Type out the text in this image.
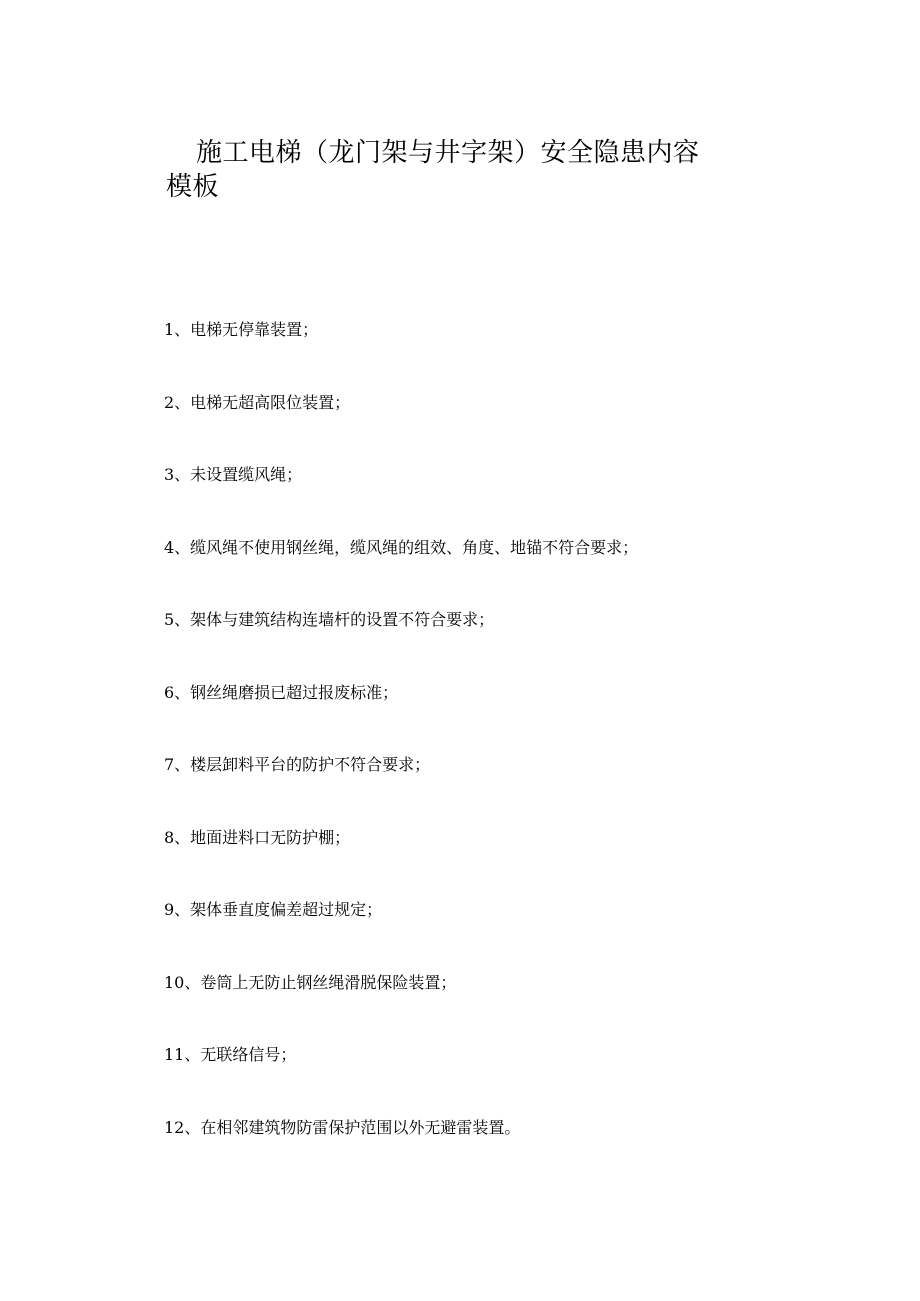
施工电梯（龙门架与井字架）安全隐患内容模板
1、电梯无停靠装置；
2、电梯无超高限位装置；
3、未设置缆风绳；
4、缆风绳不使用钢丝绳，缆风绳的组效、角度、地锚不符合要求；
5、架体与建筑结构连墙杆的设置不符合要求；
6、钢丝绳磨损已超过报废标准；
7、楼层卸料平台的防护不符合要求；
8、地面进料口无防护棚；
9、架体垂直度偏差超过规定；
10、卷筒上无防止钢丝绳滑脱保险装置；
11、无联络信号；
12、在相邻建筑物防雷保护范围以外无避雷装置。
